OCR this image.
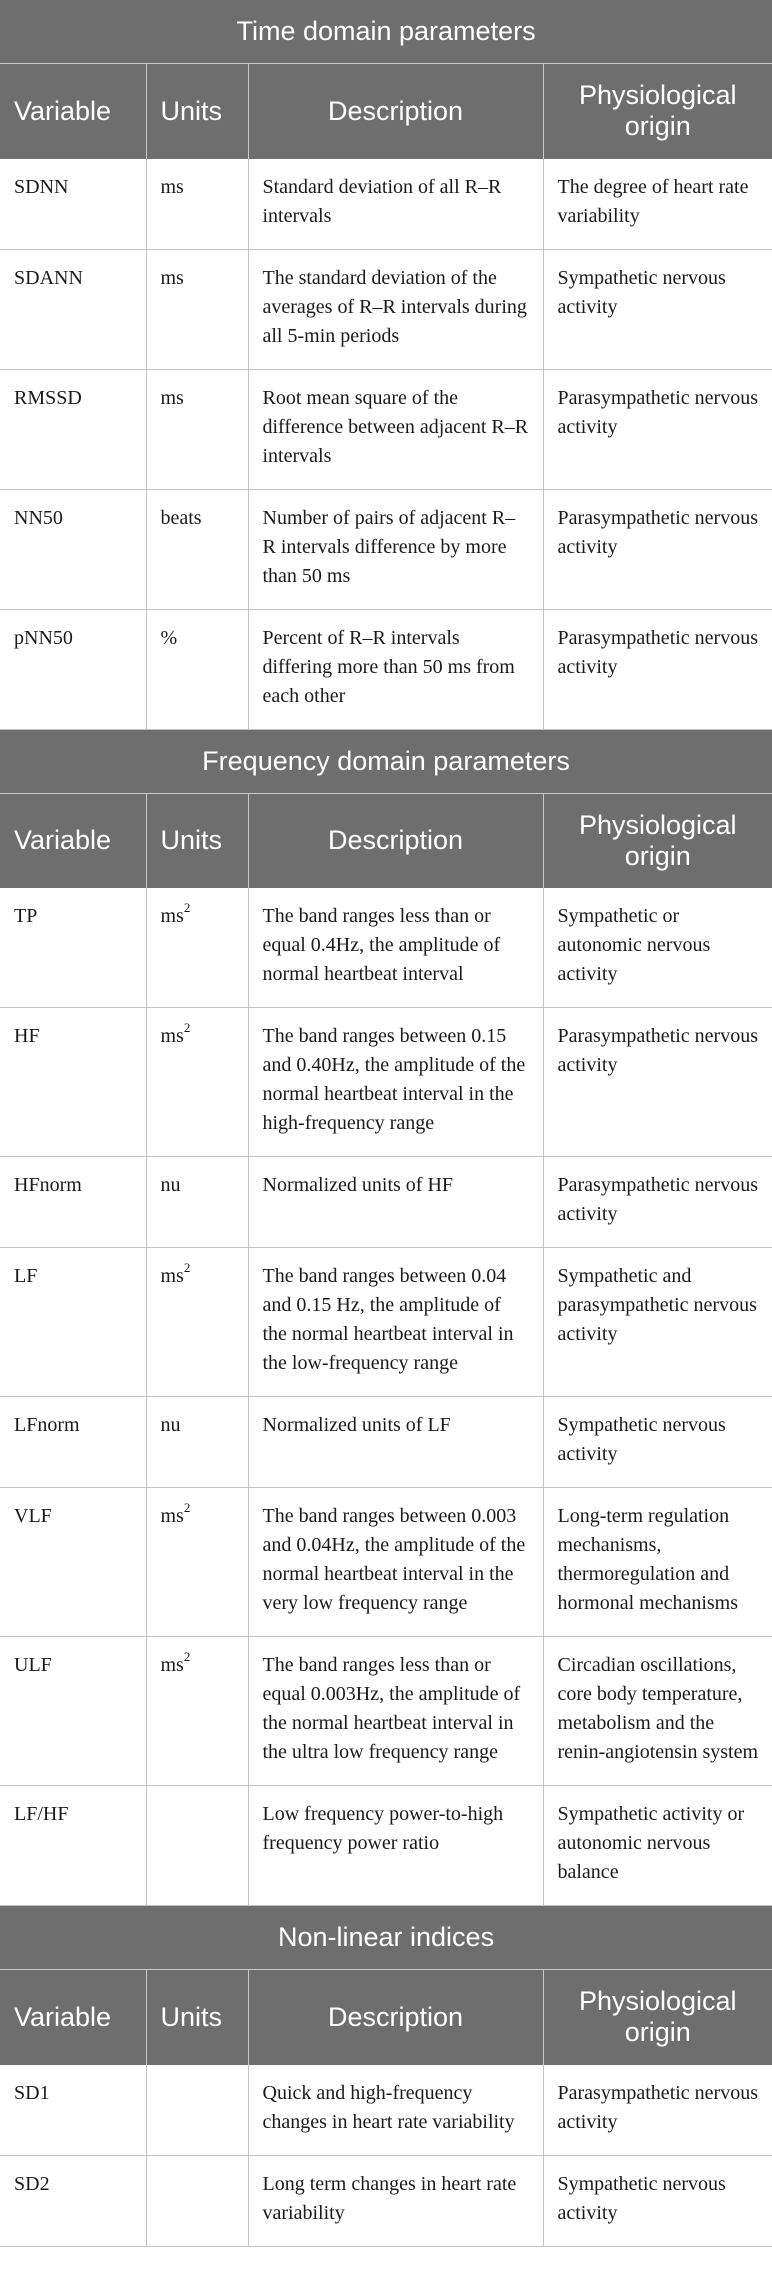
Time domain parameters			
Variable	Units	Description	Physiological
origin
SDNN	ms	Standard deviation of all R–R intervals	The degree of heart rate variability
SDANN	ms	The standard deviation of the averages of R–R intervals during all 5-min periods	Sympathetic nervous activity
RMSSD	ms	Root mean square of the difference between adjacent R–R intervals	Parasympathetic nervous activity
NN50	beats	Number of pairs of adjacent R–R intervals difference by more than 50 ms	Parasympathetic nervous activity
pNN50	%	Percent of R–R intervals differing more than 50 ms from each other	Parasympathetic nervous activity
Frequency domain parameters			
Variable	Units	Description	Physiological
origin
TP	$ms^2$	The band ranges less than or equal 0.4Hz, the amplitude of normal heartbeat interval	Sympathetic or autonomic nervous activity
HF	$ms^2$	The band ranges between 0.15 and 0.40Hz, the amplitude of the normal heartbeat interval in the high-frequency range	Parasympathetic nervous activity
HFnorm	nu	Normalized units of HF	Parasympathetic nervous activity
LF	$ms^2$	The band ranges between 0.04 and 0.15 Hz, the amplitude of the normal heartbeat interval in the low-frequency range	Sympathetic and parasympathetic nervous activity
LFnorm	nu	Normalized units of LF	Sympathetic nervous activity
VLF	$ms^2$	The band ranges between 0.003 and 0.04Hz, the amplitude of the normal heartbeat interval in the very low frequency range	Long-term regulation mechanisms, thermoregulation and hormonal mechanisms
ULF	$ms^2$	The band ranges less than or equal 0.003Hz, the amplitude of the normal heartbeat interval in the ultra low frequency range	Circadian oscillations, core body temperature, metabolism and the renin-angiotensin system
LF/HF		Low frequency power-to-high frequency power ratio	Sympathetic activity or autonomic nervous balance
Non-linear indices			
Variable	Units	Description	Physiological
origin
SD1		Quick and high-frequency changes in heart rate variability	Parasympathetic nervous activity
SD2		Long term changes in heart rate variability	Sympathetic nervous activity
